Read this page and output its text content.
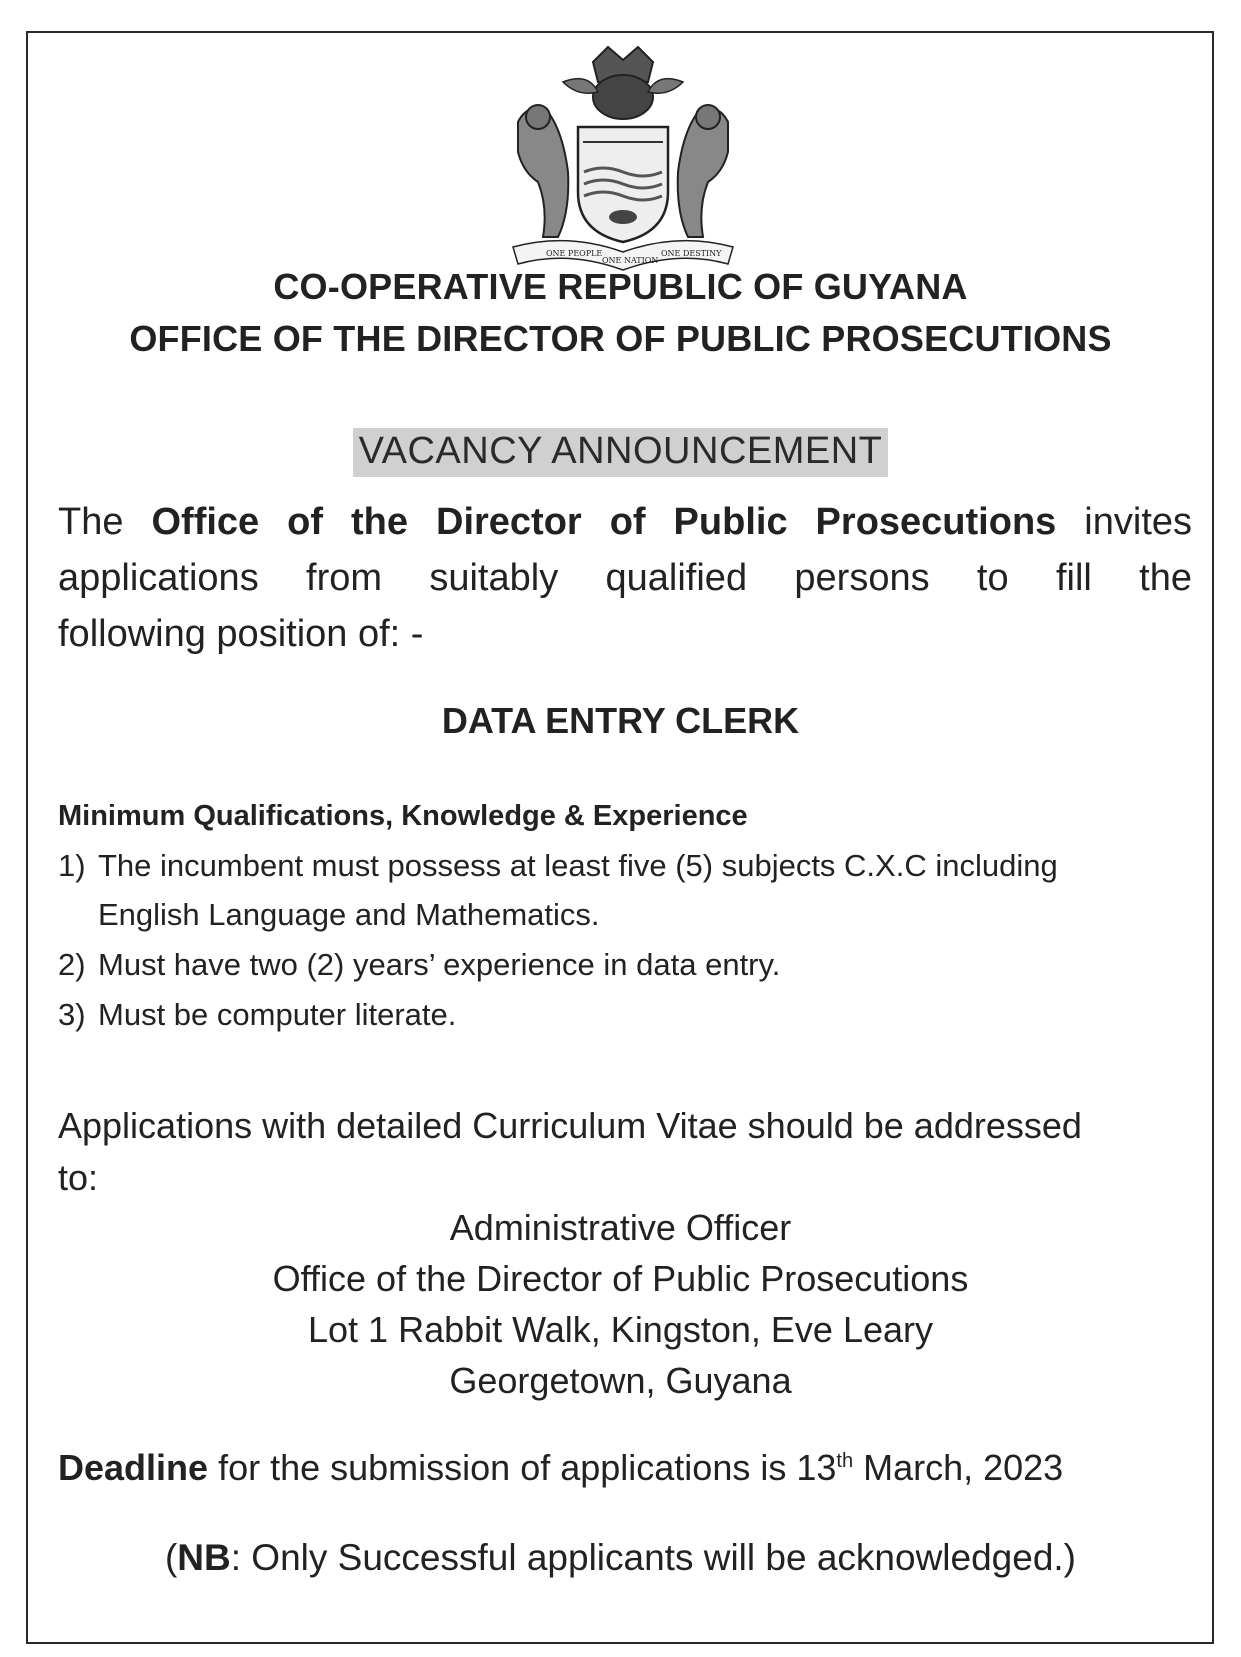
ONE PEOPLE
ONE NATION
ONE DESTINY
CO-OPERATIVE REPUBLIC OF GUYANA
OFFICE OF THE DIRECTOR OF PUBLIC PROSECUTIONS
VACANCY ANNOUNCEMENT
The Office of the Director of Public Prosecutions invites
applications from suitably qualified persons to fill the
following position of: -
DATA ENTRY CLERK
Minimum Qualifications, Knowledge & Experience
1) The incumbent must possess at least five (5) subjects C.X.C including
English Language and Mathematics.
2) Must have two (2) years’ experience in data entry.
3) Must be computer literate.
Applications with detailed Curriculum Vitae should be addressed
to:
Administrative Officer
Office of the Director of Public Prosecutions
Lot 1 Rabbit Walk, Kingston, Eve Leary
Georgetown, Guyana
Deadline for the submission of applications is 13th March, 2023
(NB: Only Successful applicants will be acknowledged.)
